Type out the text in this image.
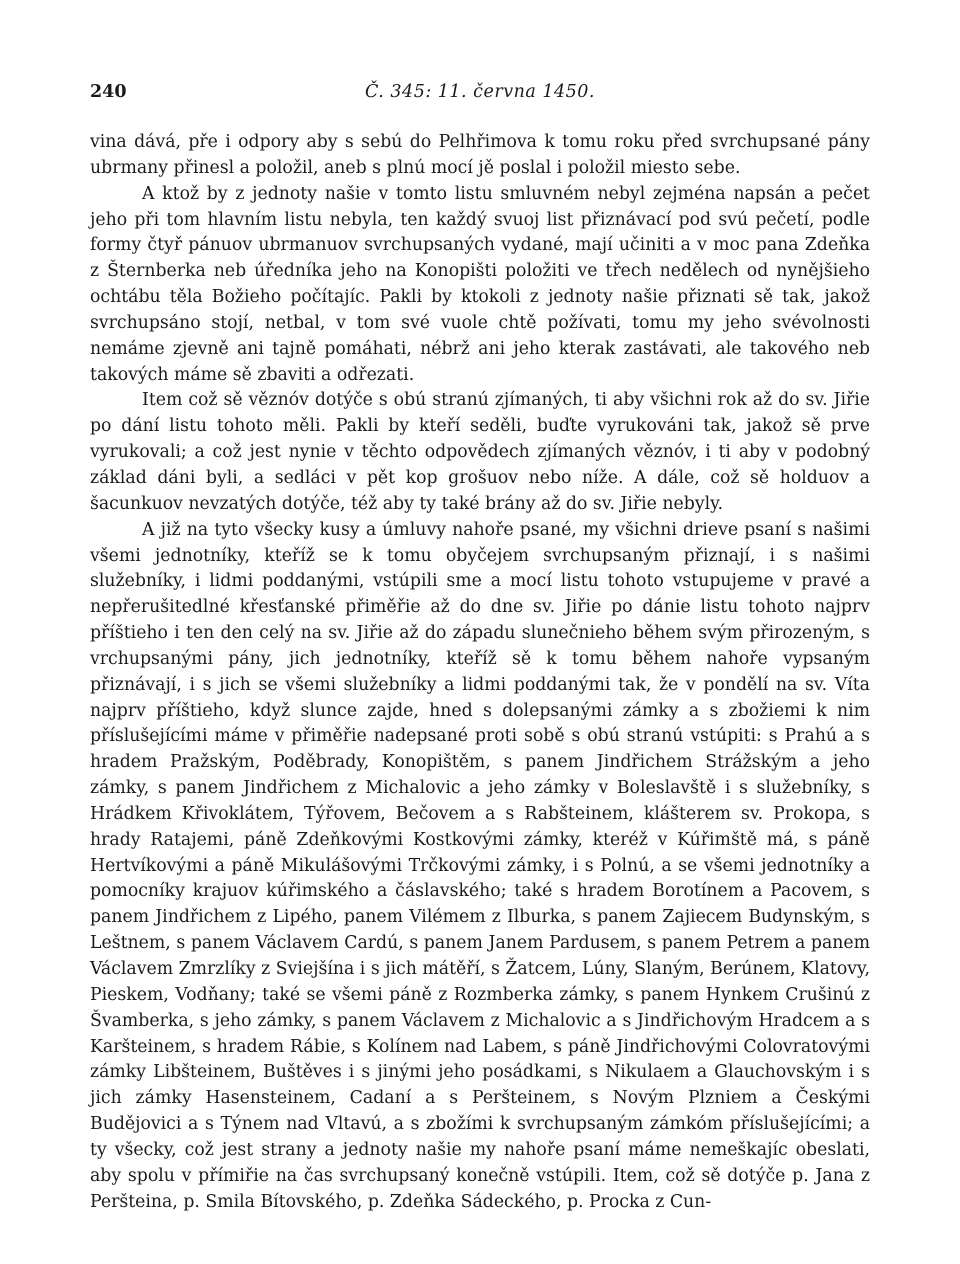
240	Č. 345: 11. června 1450.

vina dává, pře i odpory aby s sebú do Pelhřimova k tomu roku před svrchupsané pány ubrmany přinesl a položil, aneb s plnú mocí jě poslal i položil miesto sebe.

A ktož by z jednoty našie v tomto listu smluvném nebyl zejména napsán a pečet jeho při tom hlavním listu nebyla, ten každý svuoj list přiznávací pod svú pečetí, podle formy čtyř pánuov ubrmanuov svrchupsaných vydané, mají učiniti a v moc pana Zdeňka z Šternberka neb úředníka jeho na Konopišti položiti ve třech nedělech od nynějšieho ochtábu těla Božieho počítajíc. Pakli by ktokoli z jednoty našie přiznati sě tak, jakož svrchupsáno stojí, netbal, v tom své vuole chtě požívati, tomu my jeho svévolnosti nemáme zjevně ani tajně pomáhati, nébrž ani jeho kterak zastávati, ale takového neb takových máme sě zbaviti a odřezati.

Item což sě věznóv dotýče s obú stranú zjímaných, ti aby všichni rok až do sv. Jiřie po dání listu tohoto měli. Pakli by kteří seděli, buďte vyrukováni tak, jakož sě prve vyrukovali; a což jest nynie v těchto odpovědech zjímaných věznóv, i ti aby v podobný základ dáni byli, a sedláci v pět kop grošuov nebo níže. A dále, což sě holduov a šacunkuov nevzatých dotýče, též aby ty také brány až do sv. Jiřie nebyly.

A již na tyto všecky kusy a úmluvy nahoře psané, my všichni drieve psaní s našimi všemi jednotníky, kteříž se k tomu obyčejem svrchupsaným přiznají, i s našimi služebníky, i lidmi poddanými, vstúpili sme a mocí listu tohoto vstupujeme v pravé a nepřerušitedlné křesťanské přiměřie až do dne sv. Jiřie po dánie listu tohoto najprv příštieho i ten den celý na sv. Jiřie až do západu slunečnieho během svým přirozeným, s vrchupsanými pány, jich jednotníky, kteříž sě k tomu během nahoře vypsaným přiznávají, i s jich se všemi služebníky a lidmi poddanými tak, že v pondělí na sv. Víta najprv příštieho, když slunce zajde, hned s dolepsanými zámky a s zbožiemi k nim příslušejícími máme v přiměřie nadepsané proti sobě s obú stranú vstúpiti: s Prahú a s hradem Pražským, Poděbrady, Konopištěm, s panem Jindřichem Strážským a jeho zámky, s panem Jindřichem z Michalovic a jeho zámky v Boleslavště i s služebníky, s Hrádkem Křivoklátem, Týřovem, Bečovem a s Rabšteinem, klášterem sv. Prokopa, s hrady Ratajemi, páně Zdeňkovými Kostkovými zámky, kteréž v Kúřimště má, s páně Hertvíkovými a páně Mikulášovými Trčkovými zámky, i s Polnú, a se všemi jednotníky a pomocníky krajuov kúřimského a čáslavského; také s hradem Borotínem a Pacovem, s panem Jindřichem z Lipého, panem Vilémem z Ilburka, s panem Zajiecem Budynským, s Leštnem, s panem Václavem Cardú, s panem Janem Pardusem, s panem Petrem a panem Václavem Zmrzlíky z Sviejšína i s jich mátěří, s Žatcem, Lúny, Slaným, Berúnem, Klatovy, Pieskem, Vodňany; také se všemi páně z Rozmberka zámky, s panem Hynkem Crušinú z Švamberka, s jeho zámky, s panem Václavem z Michalovic a s Jindřichovým Hradcem a s Karšteinem, s hradem Rábie, s Kolínem nad Labem, s páně Jindřichovými Colovratovými zámky Libšteinem, Buštěves i s jinými jeho posádkami, s Nikulaem a Glauchovským i s jich zámky Hasensteinem, Cadaní a s Peršteinem, s Novým Plzniem a Českými Budějovici a s Týnem nad Vltavú, a s zbožími k svrchupsaným zámkóm příslušejícími; a ty všecky, což jest strany a jednoty našie my nahoře psaní máme nemeškajíc obeslati, aby spolu v přímiřie na čas svrchupsaný konečně vstúpili. Item, což sě dotýče p. Jana z Peršteina, p. Smila Bítovského, p. Zdeňka Sádeckého, p. Procka z Cun-
